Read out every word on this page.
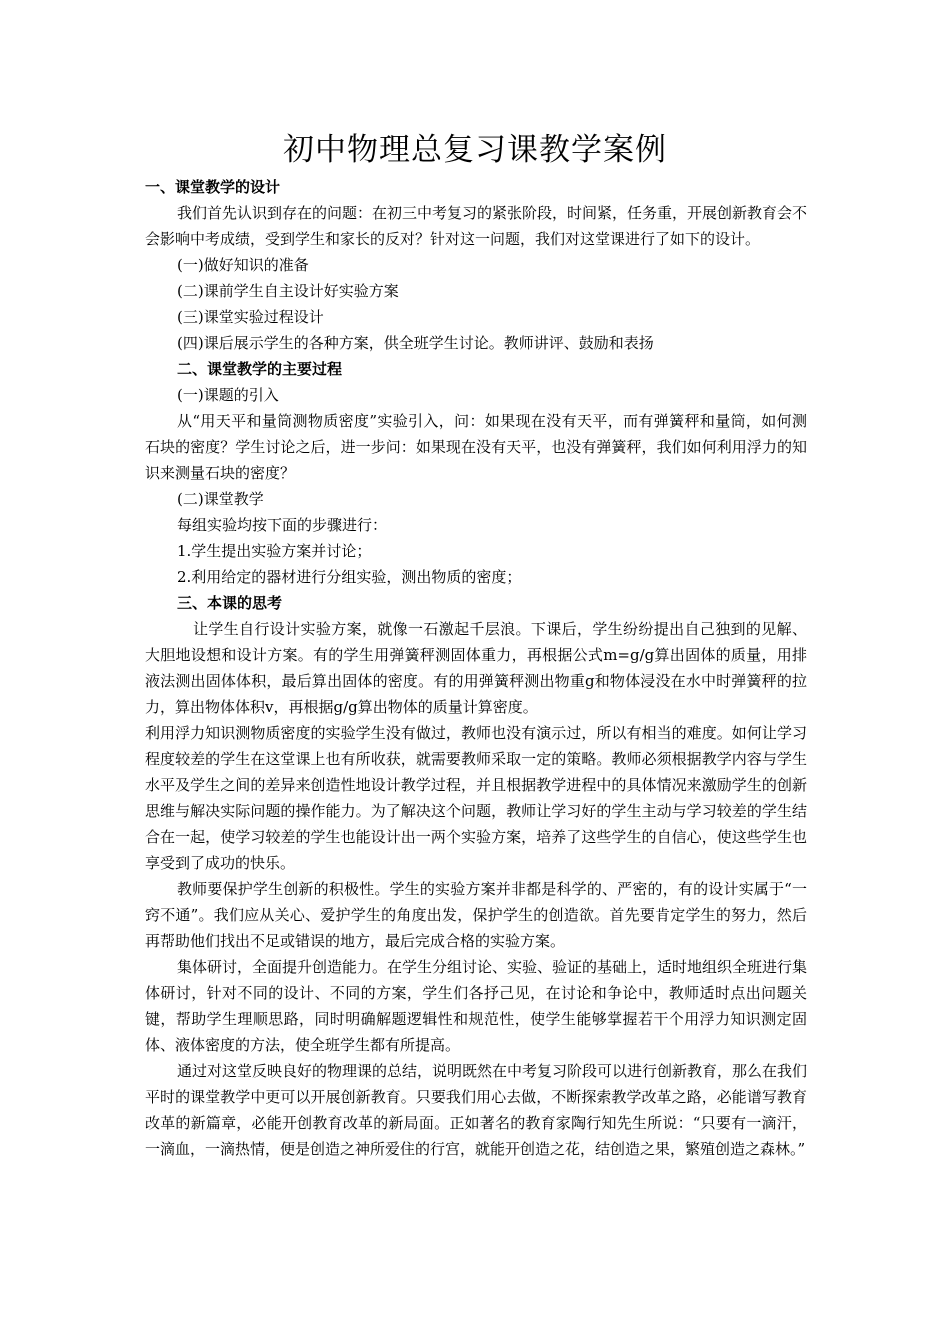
初中物理总复习课教学案例
一、课堂教学的设计
我们首先认识到存在的问题：在初三中考复习的紧张阶段，时间紧，任务重，开展创新教育会不会影响中考成绩，受到学生和家长的反对？针对这一问题，我们对这堂课进行了如下的设计。
(一)做好知识的准备
(二)课前学生自主设计好实验方案
(三)课堂实验过程设计
(四)课后展示学生的各种方案，供全班学生讨论。教师讲评、鼓励和表扬
二、课堂教学的主要过程
(一)课题的引入
从“用天平和量筒测物质密度”实验引入，问：如果现在没有天平，而有弹簧秤和量筒，如何测石块的密度？学生讨论之后，进一步问：如果现在没有天平，也没有弹簧秤，我们如何利用浮力的知识来测量石块的密度？
(二)课堂教学
每组实验均按下面的步骤进行：
1.学生提出实验方案并讨论；
2.利用给定的器材进行分组实验，测出物质的密度；
三、本课的思考
让学生自行设计实验方案，就像一石激起千层浪。下课后，学生纷纷提出自己独到的见解、大胆地设想和设计方案。有的学生用弹簧秤测固体重力，再根据公式m=g/g算出固体的质量，用排液法测出固体体积，最后算出固体的密度。有的用弹簧秤测出物重g和物体浸没在水中时弹簧秤的拉力，算出物体体积v，再根据g/g算出物体的质量计算密度。
利用浮力知识测物质密度的实验学生没有做过，教师也没有演示过，所以有相当的难度。如何让学习程度较差的学生在这堂课上也有所收获，就需要教师采取一定的策略。教师必须根据教学内容与学生水平及学生之间的差异来创造性地设计教学过程，并且根据教学进程中的具体情况来激励学生的创新思维与解决实际问题的操作能力。为了解决这个问题，教师让学习好的学生主动与学习较差的学生结合在一起，使学习较差的学生也能设计出一两个实验方案，培养了这些学生的自信心，使这些学生也享受到了成功的快乐。
教师要保护学生创新的积极性。学生的实验方案并非都是科学的、严密的，有的设计实属于“一窍不通”。我们应从关心、爱护学生的角度出发，保护学生的创造欲。首先要肯定学生的努力，然后再帮助他们找出不足或错误的地方，最后完成合格的实验方案。
集体研讨，全面提升创造能力。在学生分组讨论、实验、验证的基础上，适时地组织全班进行集体研讨，针对不同的设计、不同的方案，学生们各抒己见，在讨论和争论中，教师适时点出问题关键，帮助学生理顺思路，同时明确解题逻辑性和规范性，使学生能够掌握若干个用浮力知识测定固体、液体密度的方法，使全班学生都有所提高。
通过对这堂反映良好的物理课的总结，说明既然在中考复习阶段可以进行创新教育，那么在我们平时的课堂教学中更可以开展创新教育。只要我们用心去做，不断探索教学改革之路，必能谱写教育改革的新篇章，必能开创教育改革的新局面。正如著名的教育家陶行知先生所说：“只要有一滴汗，一滴血，一滴热情，便是创造之神所爱住的行宫，就能开创造之花，结创造之果，繁殖创造之森林。”
